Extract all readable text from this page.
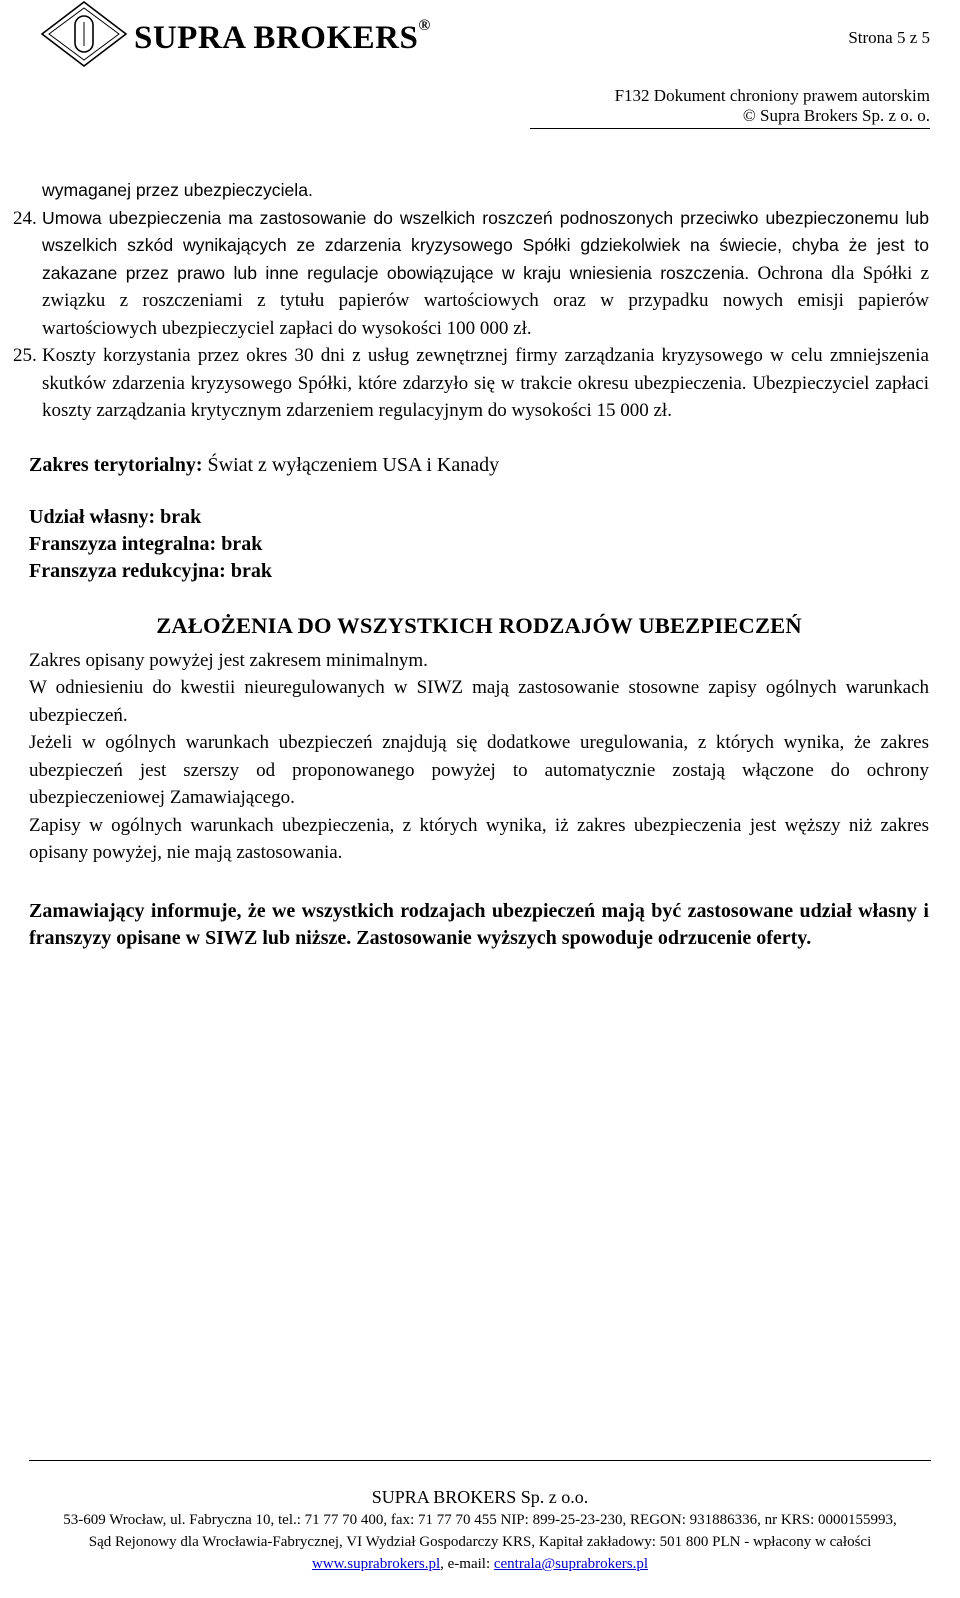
SUPRA BROKERS®
Strona 5 z 5
F132 Dokument chroniony prawem autorskim
© Supra Brokers Sp. z o. o.

wymaganej przez ubezpieczyciela.

24. Umowa ubezpieczenia ma zastosowanie do wszelkich roszczeń podnoszonych przeciwko ubezpieczonemu lub wszelkich szkód wynikających ze zdarzenia kryzysowego Spółki gdziekolwiek na świecie, chyba że jest to zakazane przez prawo lub inne regulacje obowiązujące w kraju wniesienia roszczenia. Ochrona dla Spółki z związku z roszczeniami z tytułu papierów wartościowych oraz w przypadku nowych emisji papierów wartościowych ubezpieczyciel zapłaci do wysokości 100 000 zł.

25. Koszty korzystania przez okres 30 dni z usług zewnętrznej firmy zarządzania kryzysowego w celu zmniejszenia skutków zdarzenia kryzysowego Spółki, które zdarzyło się w trakcie okresu ubezpieczenia. Ubezpieczyciel zapłaci koszty zarządzania krytycznym zdarzeniem regulacyjnym do wysokości 15 000 zł.

Zakres terytorialny: Świat z wyłączeniem USA i Kanady

Udział własny: brak
Franszyza integralna: brak
Franszyza redukcyjna: brak
ZAŁOŻENIA DO WSZYSTKICH RODZAJÓW UBEZPIECZEŃ

Zakres opisany powyżej jest zakresem minimalnym.

W odniesieniu do kwestii nieuregulowanych w SIWZ mają zastosowanie stosowne zapisy ogólnych warunkach ubezpieczeń.

Jeżeli w ogólnych warunkach ubezpieczeń znajdują się dodatkowe uregulowania, z których wynika, że zakres ubezpieczeń jest szerszy od proponowanego powyżej to automatycznie zostają włączone do ochrony ubezpieczeniowej Zamawiającego.

Zapisy w ogólnych warunkach ubezpieczenia, z których wynika, iż zakres ubezpieczenia jest węższy niż zakres opisany powyżej, nie mają zastosowania.

Zamawiający informuje, że we wszystkich rodzajach ubezpieczeń mają być zastosowane udział własny i franszyzy opisane w SIWZ lub niższe. Zastosowanie wyższych spowoduje odrzucenie oferty.

SUPRA BROKERS Sp. z o.o.
53-609 Wrocław, ul. Fabryczna 10, tel.: 71 77 70 400, fax: 71 77 70 455 NIP: 899-25-23-230, REGON: 931886336, nr KRS: 0000155993,
Sąd Rejonowy dla Wrocławia-Fabrycznej, VI Wydział Gospodarczy KRS, Kapitał zakładowy: 501 800 PLN - wpłacony w całości
www.suprabrokers.pl, e-mail: centrala@suprabrokers.pl
